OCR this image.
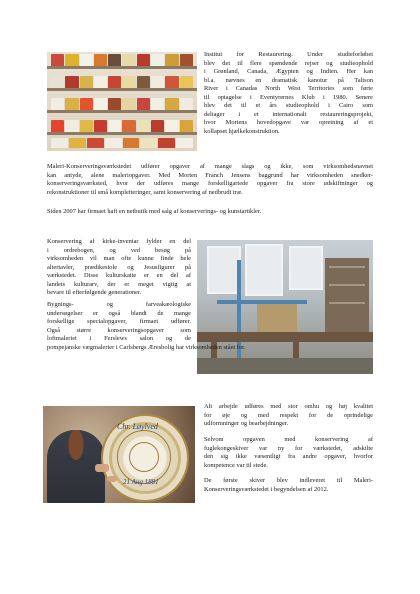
Institut for Restaurering. Under studieforløbet
blev det til flere spændende rejser og studieophold
i Grønland, Canada, Ægypten og Indien. Her kan
bl.a. nævnes en dramatisk kanotur på Taltson
River i Canadas North West Territories som førte
til optagelse i Eventyrernes Klub i 1980. Senere
blev det til et års studieophold i Cairo som
deltager i et internationalt restaureringsprojekt,
hvor Mortens hovedopgave var opretning af et
kollapset hjælkekonstruktion.
Maleri-Konserveringsværkstedet udfører opgaver af mange slags og ikke, som virksomhedsnavnet
kan antyde, alene maleriopgaver. Med Morten Franch Jensens baggrund har virksomheden snedker-
konserveringsværksted, hvor der udføres mange forskelligartede opgaver fra store udskiftninger og
rekonstruktioner til små kompletteringer, samt konservering af nedbrudt træ.
Siden 2007 har firmaet haft en netbutik med salg af konserverings- og kunstartikler.
Konservering af kirke-inventar fylder en del
i ordrebogen, og ved besøg på
virksomheden vil man ofte kunne finde hele
altertavler, prædikestole og Jesusfigurer på
værkstedet. Disse kulturskatte er en del af
landets kulturarv, der er meget vigtig at
bevare til efterfølgende generationer.
Bygnings- og farveakæologiske
undersøgelser er også blandt de mange
forskellige specialopgaver, firmaet udfører.
Også større konserveringsopgaver som
loftmaleriet i Ferslews salon og de
pompejanske vægmalerier i Carlsbergs Æresbolig har virksomheden stået for.
Chr. Løylved
21 Aug 1881
Alt arbejde udføres med stor omhu og høj kvalitet
for øje og med respekt for de oprindelige
udformninger og bearbejdninger.
Selvom opgaven med konservering af
fuglekongeskiver var ny for værkstedet, adskilte
den sig ikke væsentligt fra andre opgaver, hvorfor
kompetence var til stede.
De første skiver blev indleveret til Maleri-
Konserveringsværkstedet i begyndelsen af 2012.
